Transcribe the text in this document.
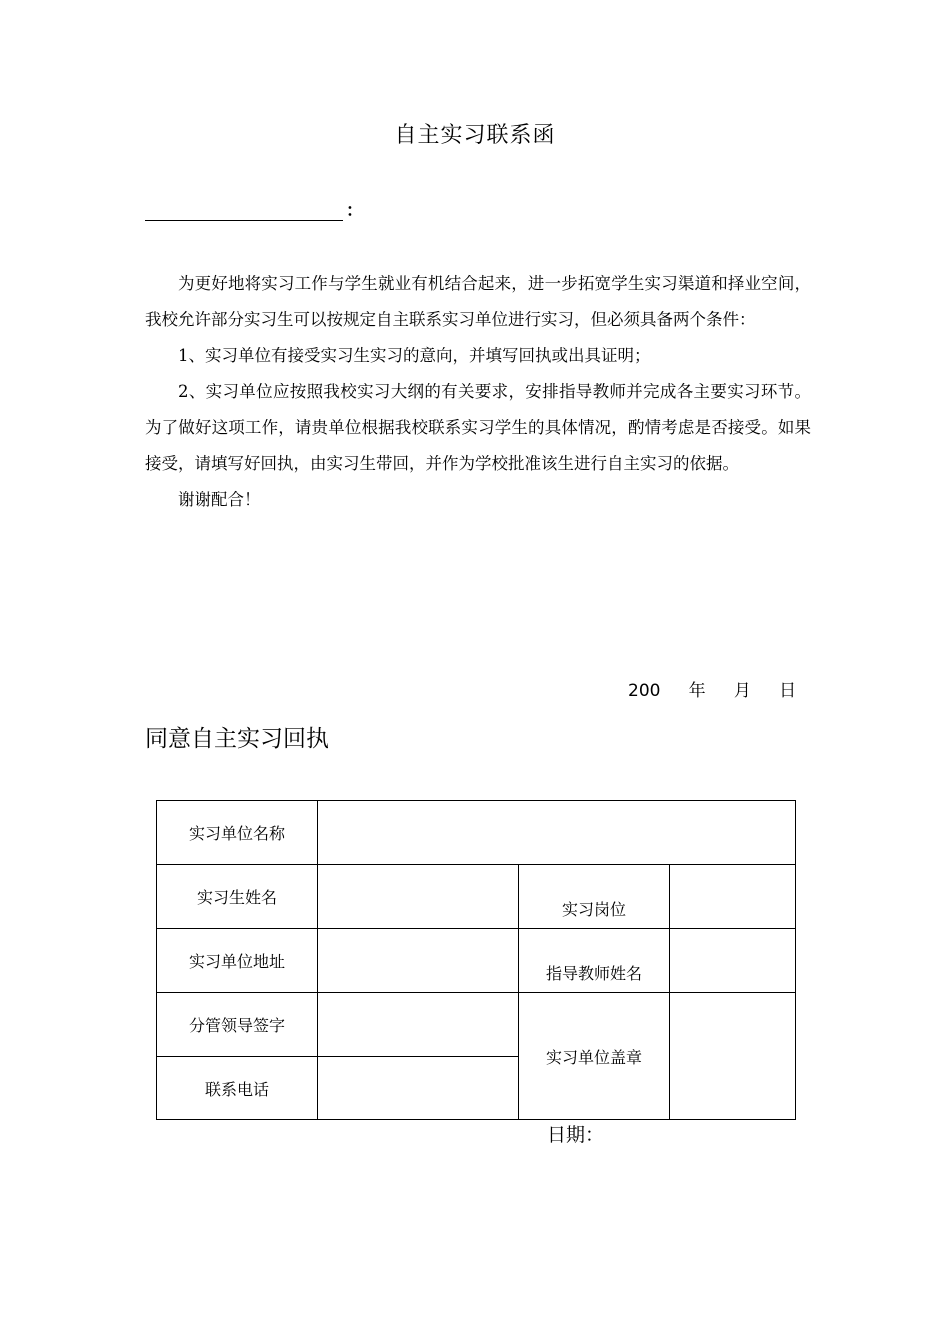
自主实习联系函
：

为更好地将实习工作与学生就业有机结合起来，进一步拓宽学生实习渠道和择业空间，我校允许部分实习生可以按规定自主联系实习单位进行实习，但必须具备两个条件：

1、实习单位有接受实习生实习的意向，并填写回执或出具证明；

2、实习单位应按照我校实习大纲的有关要求，安排指导教师并完成各主要实习环节。为了做好这项工作，请贵单位根据我校联系实习学生的具体情况，酌情考虑是否接受。如果接受，请填写好回执，由实习生带回，并作为学校批准该生进行自主实习的依据。

谢谢配合！

200   年   月   日
同意自主实习回执
实习单位名称			
实习生姓名		实习岗位	
实习单位地址		指导教师姓名	
分管领导签字		实习单位盖章	
联系电话			
日期：
